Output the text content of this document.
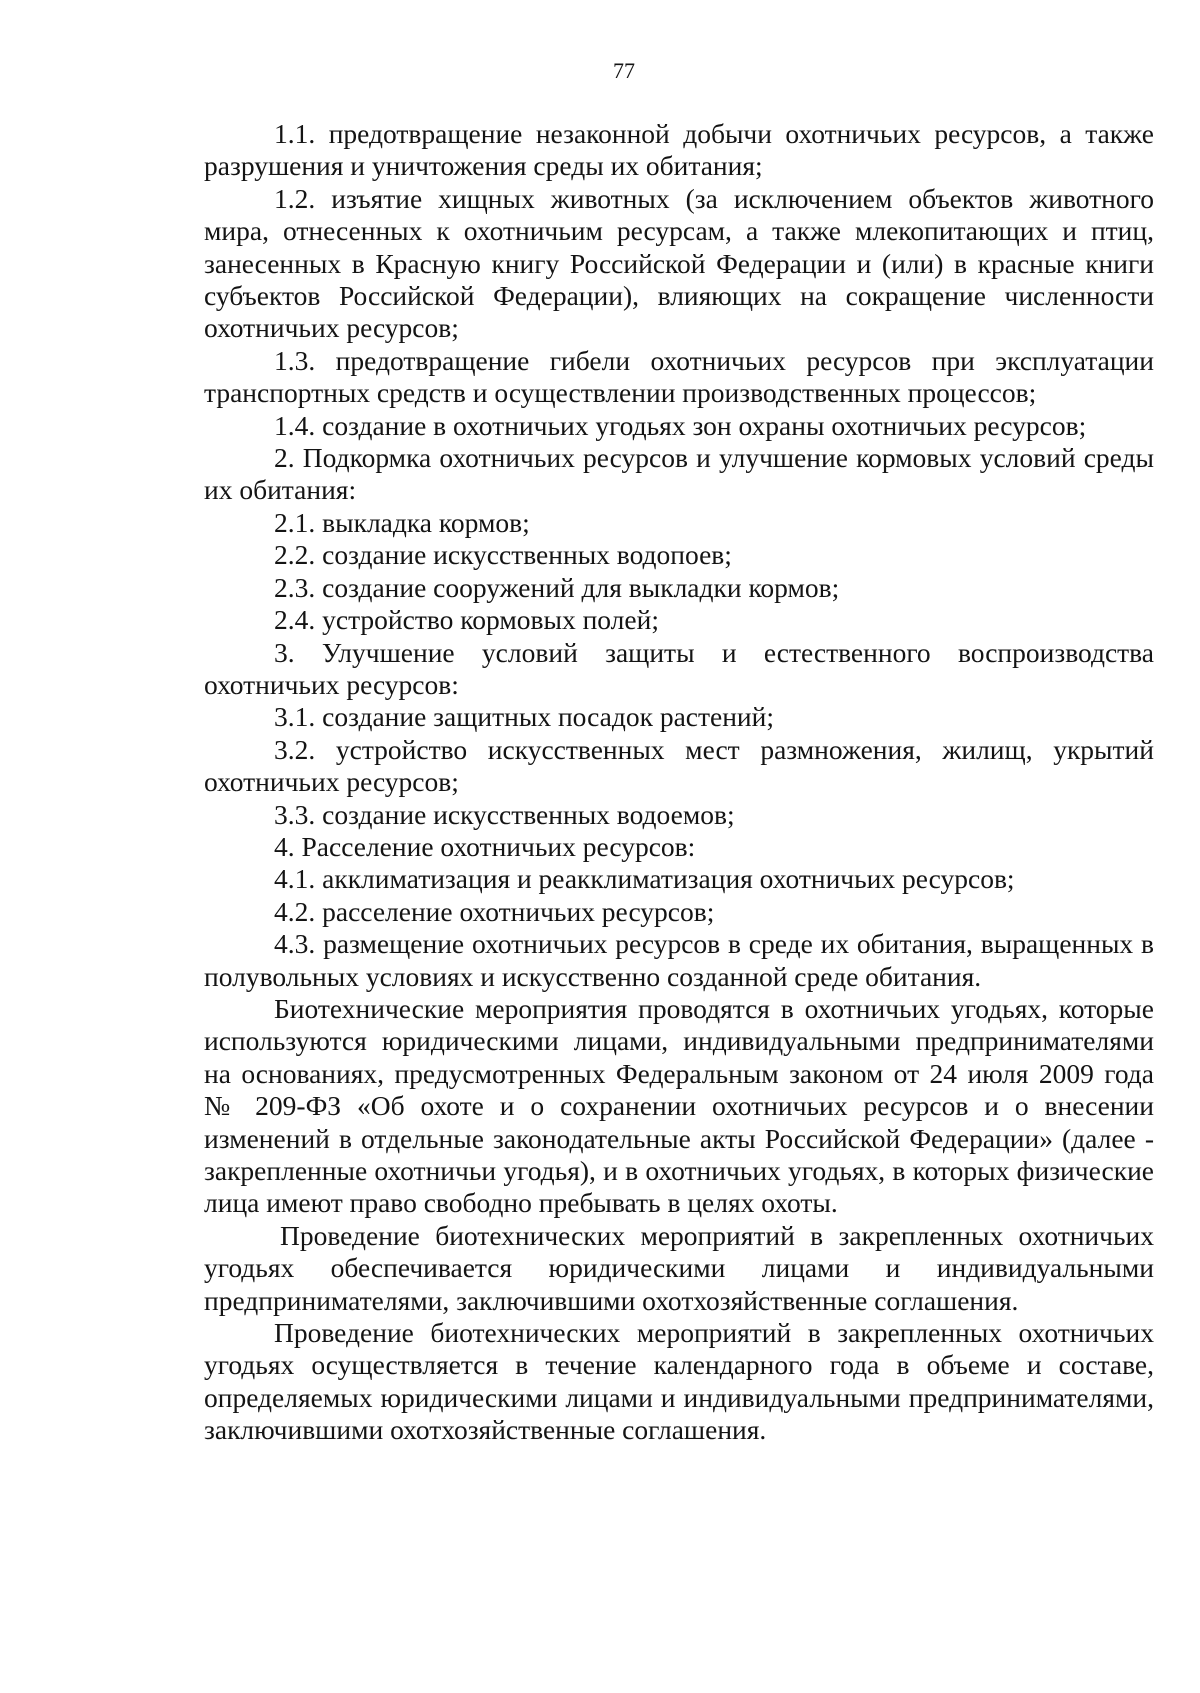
77

1.1. предотвращение незаконной добычи охотничьих ресурсов, а также разрушения и уничтожения среды их обитания;

1.2. изъятие хищных животных (за исключением объектов животного мира, отнесенных к охотничьим ресурсам, а также млекопитающих и птиц, занесенных в Красную книгу Российской Федерации и (или) в красные книги субъектов Российской Федерации), влияющих на сокращение численности охотничьих ресурсов;

1.3. предотвращение гибели охотничьих ресурсов при эксплуатации транспортных средств и осуществлении производственных процессов;

1.4. создание в охотничьих угодьях зон охраны охотничьих ресурсов;

2. Подкормка охотничьих ресурсов и улучшение кормовых условий среды их обитания:

2.1. выкладка кормов;

2.2. создание искусственных водопоев;

2.3. создание сооружений для выкладки кормов;

2.4. устройство кормовых полей;

3. Улучшение условий защиты и естественного воспроизводства охотничьих ресурсов:

3.1. создание защитных посадок растений;

3.2. устройство искусственных мест размножения, жилищ, укрытий охотничьих ресурсов;

3.3. создание искусственных водоемов;

4. Расселение охотничьих ресурсов:

4.1. акклиматизация и реакклиматизация охотничьих ресурсов;

4.2. расселение охотничьих ресурсов;

4.3. размещение охотничьих ресурсов в среде их обитания, выращенных в полувольных условиях и искусственно созданной среде обитания.

Биотехнические мероприятия проводятся в охотничьих угодьях, которые используются юридическими лицами, индивидуальными предпринимателями на основаниях, предусмотренных Федеральным законом от 24 июля 2009 года № 209-ФЗ «Об охоте и о сохранении охотничьих ресурсов и о внесении изменений в отдельные законодательные акты Российской Федерации» (далее - закрепленные охотничьи угодья), и в охотничьих угодьях, в которых физические лица имеют право свободно пребывать в целях охоты.

Проведение биотехнических мероприятий в закрепленных охотничьих угодьях обеспечивается юридическими лицами и индивидуальными предпринимателями, заключившими охотхозяйственные соглашения.

Проведение биотехнических мероприятий в закрепленных охотничьих угодьях осуществляется в течение календарного года в объеме и составе, определяемых юридическими лицами и индивидуальными предпринимателями, заключившими охотхозяйственные соглашения.
